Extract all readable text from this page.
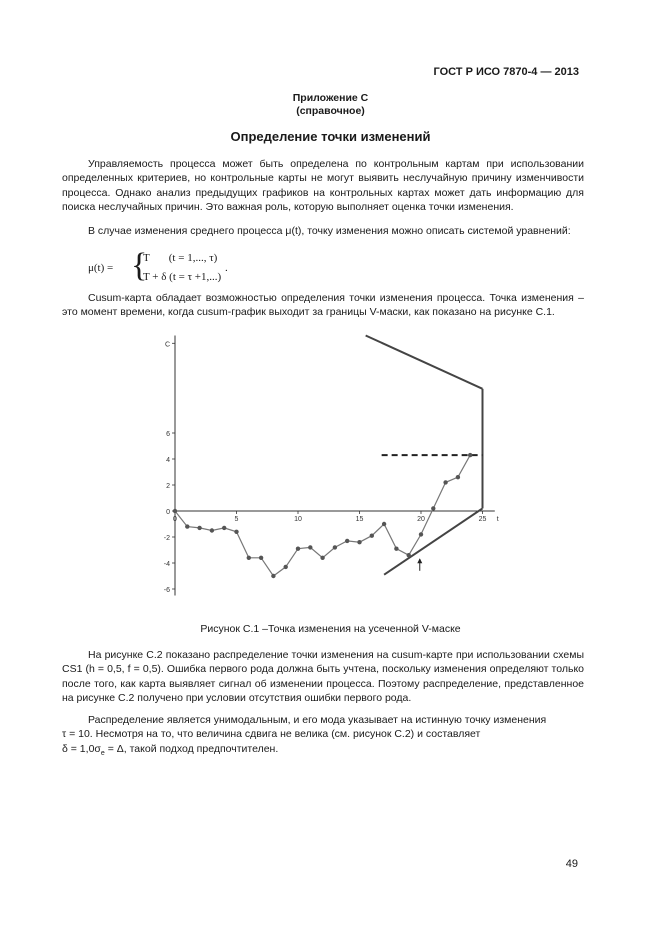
ГОСТ Р ИСО 7870-4 — 2013
Приложение С
(справочное)
Определение точки изменений
Управляемость процесса может быть определена по контрольным картам при использовании определенных критериев, но контрольные карты не могут выявить неслучайную причину изменчивости процесса. Однако анализ предыдущих графиков на контрольных картах может дать информацию для поиска неслучайных причин. Это важная роль, которую выполняет оценка точки изменения.
В случае изменения среднего процесса μ(t), точку изменения можно описать системой уравнений:
μ(t) = {
T       (t = 1,..., τ)
T + δ (t = τ +1,...)
.
Cusum-карта обладает возможностью определения точки изменения процесса. Точка изменения –это момент времени, когда cusum-график выходит за границы V-маски, как показано на рисунке С.1.
0	5	10	15	20	25 t
C
6
4
2
0
-2
-4
-6
Рисунок С.1 –Точка изменения на усеченной V-маске
На рисунке С.2 показано распределение точки изменения на cusum-карте при использовании схемы CS1 (h = 0,5, f = 0,5). Ошибка первого рода должна быть учтена, поскольку изменения определяют только после того, как карта выявляет сигнал об изменении процесса. Поэтому распределение, представленное на рисунке С.2 получено при условии отсутствия ошибки первого рода.
Распределение является унимодальным, и его мода указывает на истинную точку изменения
τ = 10. Несмотря на то, что величина сдвига не велика (см. рисунок С.2) и составляет
$\delta = 1,0\sigma_e = \Delta$, такой подход предпочтителен.
49
